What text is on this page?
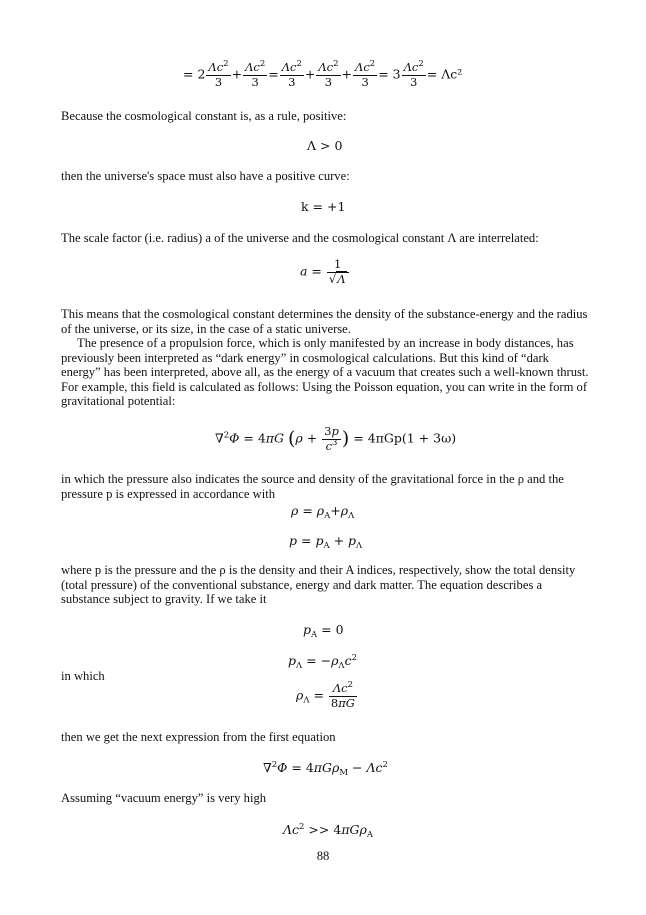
= $2 \frac{\Lambda c^2}{3} + \frac{\Lambda c^2}{3} = \frac{\Lambda c^2}{3} + \frac{\Lambda c^2}{3} + \frac{\Lambda c^2}{3} = 3 \frac{\Lambda c^2}{3} = \Lambda c^2$

Because the cosmological constant is, as a rule, positive:

Λ > 0

then the universe's space must also have a positive curve:

k = +1

The scale factor (i.e. radius) a of the universe and the cosmological constant Λ are interrelated:

$a = \frac{1}{√\Lambda}$

This means that the cosmological constant determines the density of the substance-energy and the radius of the universe, or its size, in the case of a static universe.

The presence of a propulsion force, which is only manifested by an increase in body distances, has previously been interpreted as “dark energy” in cosmological calculations. But this kind of “dark energy” has been interpreted, above all, as the energy of a vacuum that creates such a well-known thrust. For example, this field is calculated as follows: Using the Poisson equation, you can write in the form of gravitational potential:

∇$^2$Φ = 4πG ($\rho + \frac{3p}{c^3}$ ) = 4πGp(1 + 3ω)

in which the pressure also indicates the source and density of the gravitational force in the ρ and the pressure p is expressed in accordance with

$\rho = \rho_A+\rho_\Lambda$
$p = p_A + p_\Lambda$

where p is the pressure and the ρ is the density and their A indices, respectively, show the total density (total pressure) of the conventional substance, energy and dark matter. The equation describes a substance subject to gravity. If we take it

$p_A = 0$
$p_\Lambda = -\rho_\Lambda c^2$

in which

$\rho_\Lambda = \frac{\Lambda c^2}{8\pi G}$

then we get the next expression from the first equation

$\nabla^2\Phi = 4\pi G\rho_M - \Lambda c^2$

Assuming “vacuum energy” is very high

$\Lambda c^2 >> 4\pi G\rho_A$
88
